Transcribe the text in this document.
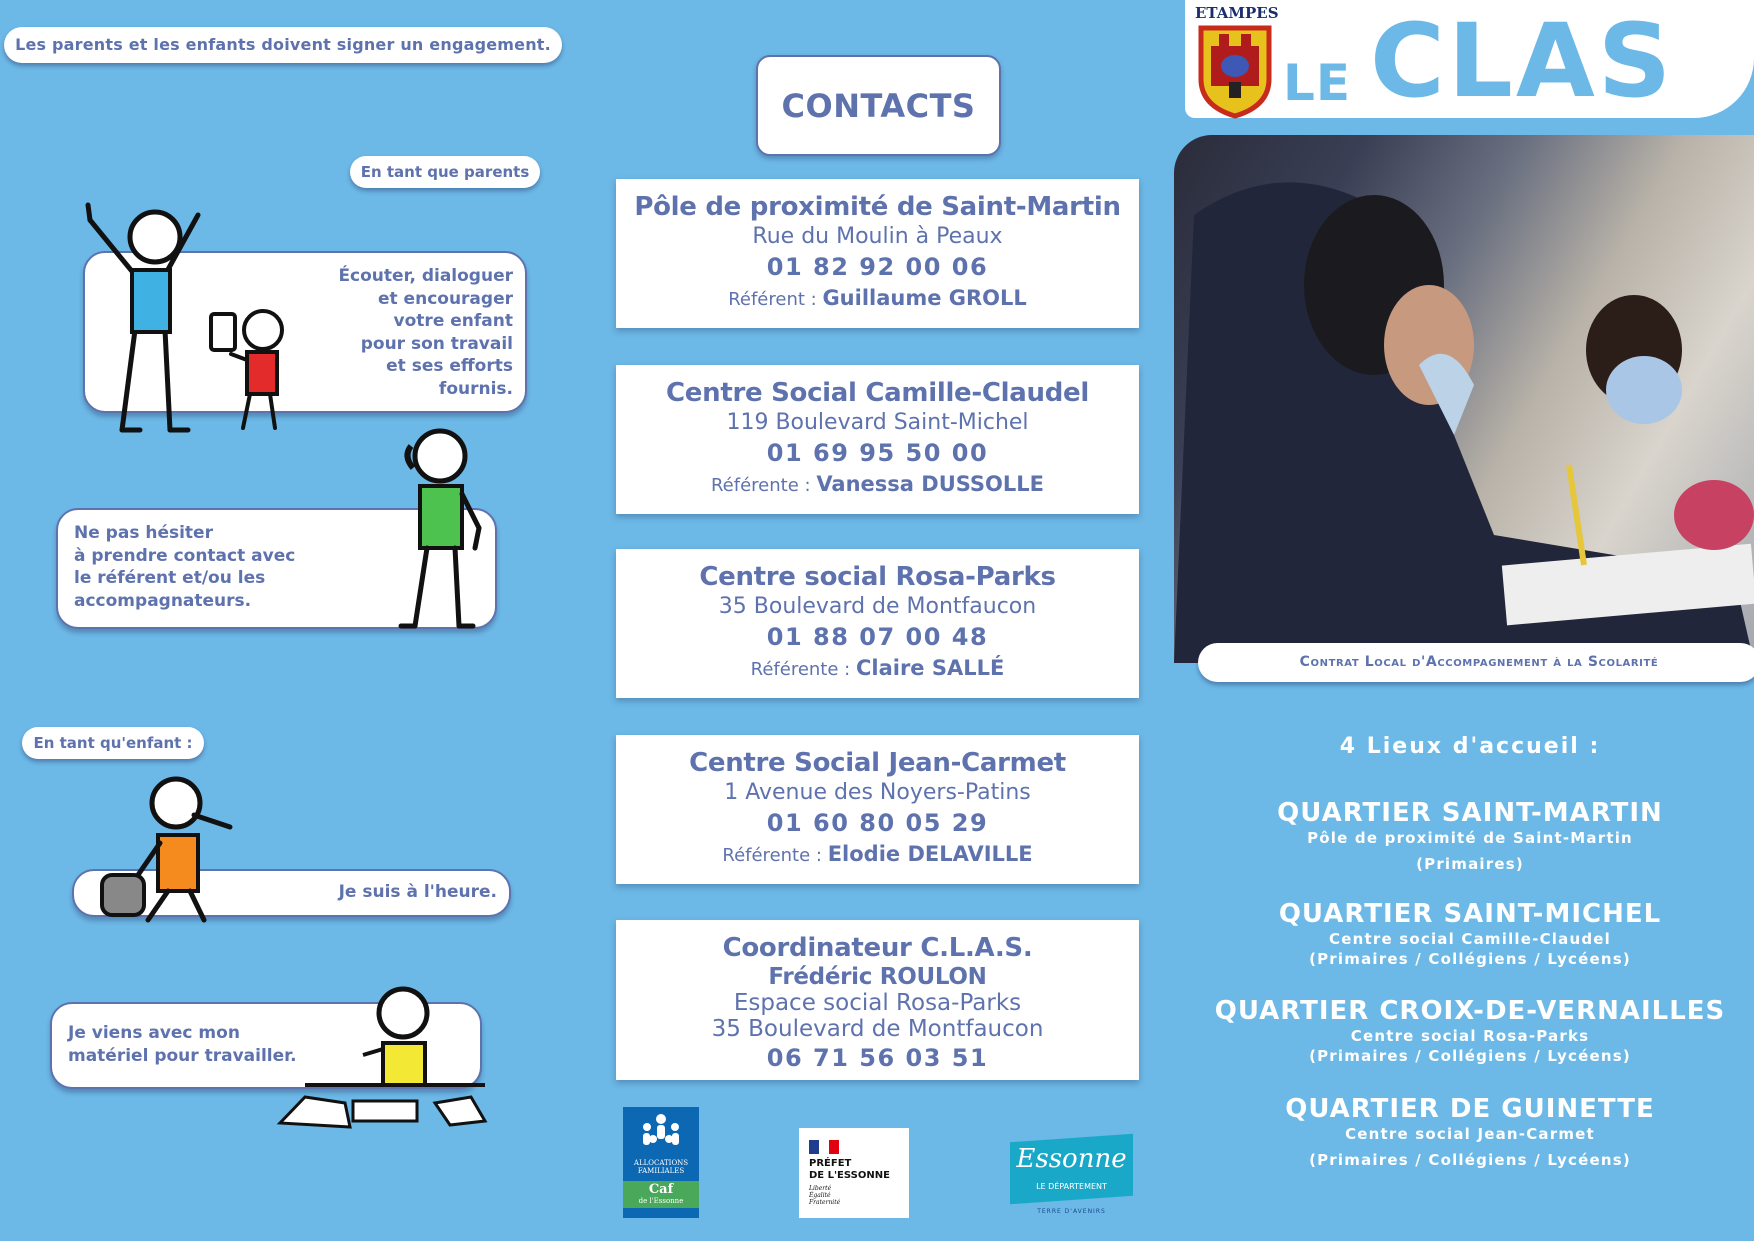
Les parents et les enfants doivent signer un engagement.
En tant que parents
Écouter, dialoguer
et encourager
votre enfant
pour son travail
et ses efforts
fournis.
Ne pas hésiter
à prendre contact avec
le référent et/ou les
accompagnateurs.
En tant qu'enfant :
Je suis à l'heure.
Je viens avec mon
matériel pour travailler.
CONTACTS
Pôle de proximité de Saint-Martin
Rue du Moulin à Peaux
01 82 92 00 06
Référent : Guillaume GROLL
Centre Social Camille-Claudel
119 Boulevard Saint-Michel
01 69 95 50 00
Référente : Vanessa DUSSOLLE
Centre social Rosa-Parks
35 Boulevard de Montfaucon
01 88 07 00 48
Référente : Claire SALLÉ
Centre Social Jean-Carmet
1 Avenue des Noyers-Patins
01 60 80 05 29
Référente : Elodie DELAVILLE
Coordinateur C.L.A.S.
Frédéric ROULON
Espace social Rosa-Parks
35 Boulevard de Montfaucon
06 71 56 03 51
ALLOCATIONS
FAMILIALES
Caf
de l'Essonne
PRÉFET
DE L'ESSONNE
Liberté
Égalité
Fraternité
Essonne
LE DÉPARTEMENT
TERRE D'AVENIRS
ETAMPES
LE CLAS
Contrat Local d'Accompagnement à la Scolarité
4 Lieux d'accueil :
QUARTIER SAINT-MARTIN
Pôle de proximité de Saint-Martin
(Primaires)
QUARTIER SAINT-MICHEL
Centre social Camille-Claudel
(Primaires / Collégiens / Lycéens)
QUARTIER CROIX-DE-VERNAILLES
Centre social Rosa-Parks
(Primaires / Collégiens / Lycéens)
QUARTIER DE GUINETTE
Centre social Jean-Carmet
(Primaires / Collégiens / Lycéens)
